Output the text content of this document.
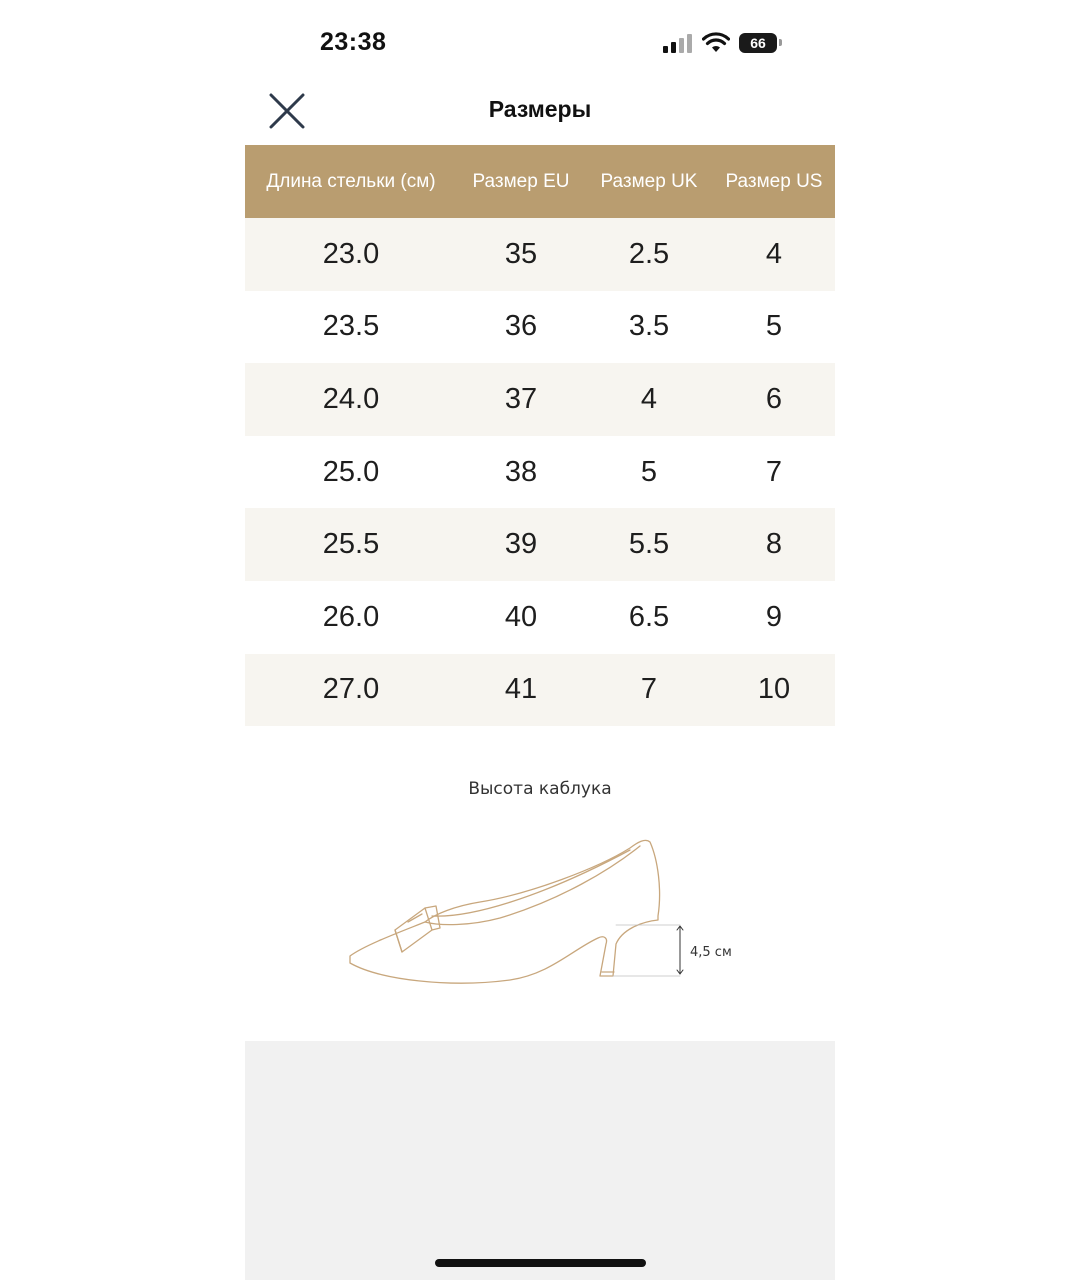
23:38	66
Размеры
Длина стельки (см)	Размер EU	Размер UK	Размер US
23.0	35	2.5	4
23.5	36	3.5	5
24.0	37	4	6
25.0	38	5	7
25.5	39	5.5	8
26.0	40	6.5	9
27.0	41	7	10
Высота каблука
4,5 см
